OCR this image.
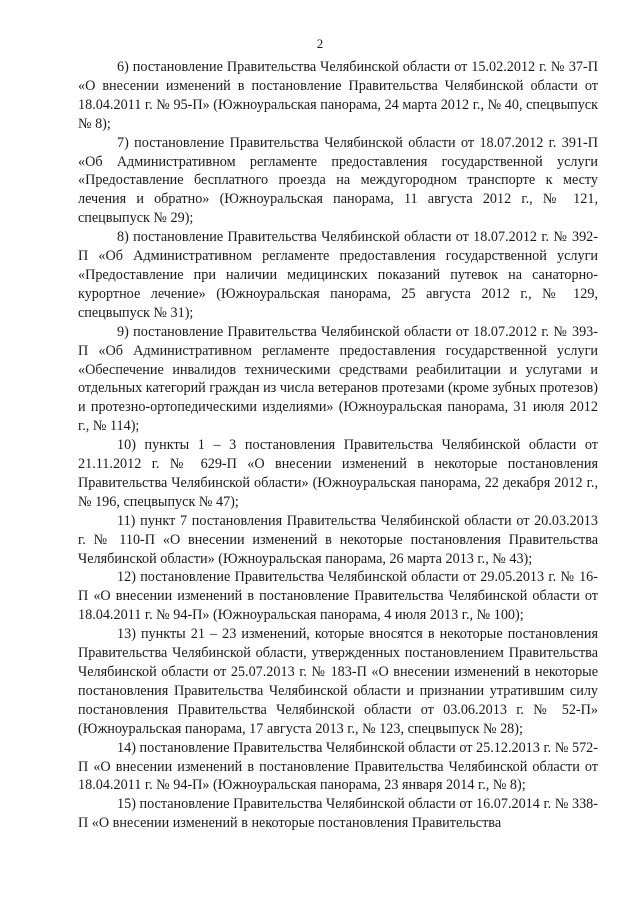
2

6) постановление Правительства Челябинской области от 15.02.2012 г. № 37-П «О внесении изменений в постановление Правительства Челябинской области от 18.04.2011 г. № 95-П» (Южноуральская панорама, 24 марта 2012 г., № 40, спецвыпуск № 8);

7) постановление Правительства Челябинской области от 18.07.2012 г. 391-П «Об Административном регламенте предоставления государственной услуги «Предоставление бесплатного проезда на междугородном транспорте к месту лечения и обратно» (Южноуральская панорама, 11 августа 2012 г., № 121, спецвыпуск № 29);

8) постановление Правительства Челябинской области от 18.07.2012 г. № 392-П «Об Административном регламенте предоставления государственной услуги «Предоставление при наличии медицинских показаний путевок на санаторно-курортное лечение» (Южноуральская панорама, 25 августа 2012 г., № 129, спецвыпуск № 31);

9) постановление Правительства Челябинской области от 18.07.2012 г. № 393-П «Об Административном регламенте предоставления государственной услуги «Обеспечение инвалидов техническими средствами реабилитации и услугами и отдельных категорий граждан из числа ветеранов протезами (кроме зубных протезов) и протезно-ортопедическими изделиями» (Южноуральская панорама, 31 июля 2012 г., № 114);

10) пункты 1 – 3 постановления Правительства Челябинской области от 21.11.2012 г. № 629-П «О внесении изменений в некоторые постановления Правительства Челябинской области» (Южноуральская панорама, 22 декабря 2012 г., № 196, спецвыпуск № 47);

11) пункт 7 постановления Правительства Челябинской области от 20.03.2013 г. № 110-П «О внесении изменений в некоторые постановления Правительства Челябинской области» (Южноуральская панорама, 26 марта 2013 г., № 43);

12) постановление Правительства Челябинской области от 29.05.2013 г. № 16-П «О внесении изменений в постановление Правительства Челябинской области от 18.04.2011 г. № 94-П» (Южноуральская панорама, 4 июля 2013 г., № 100);

13) пункты 21 – 23 изменений, которые вносятся в некоторые постановления Правительства Челябинской области, утвержденных постановлением Правительства Челябинской области от 25.07.2013 г. № 183-П «О внесении изменений в некоторые постановления Правительства Челябинской области и признании утратившим силу постановления Правительства Челябинской области от 03.06.2013 г. № 52-П» (Южноуральская панорама, 17 августа 2013 г., № 123, спецвыпуск № 28);

14) постановление Правительства Челябинской области от 25.12.2013 г. № 572-П «О внесении изменений в постановление Правительства Челябинской области от 18.04.2011 г. № 94-П» (Южноуральская панорама, 23 января 2014 г., № 8);

15) постановление Правительства Челябинской области от 16.07.2014 г. № 338-П «О внесении изменений в некоторые постановления Правительства
